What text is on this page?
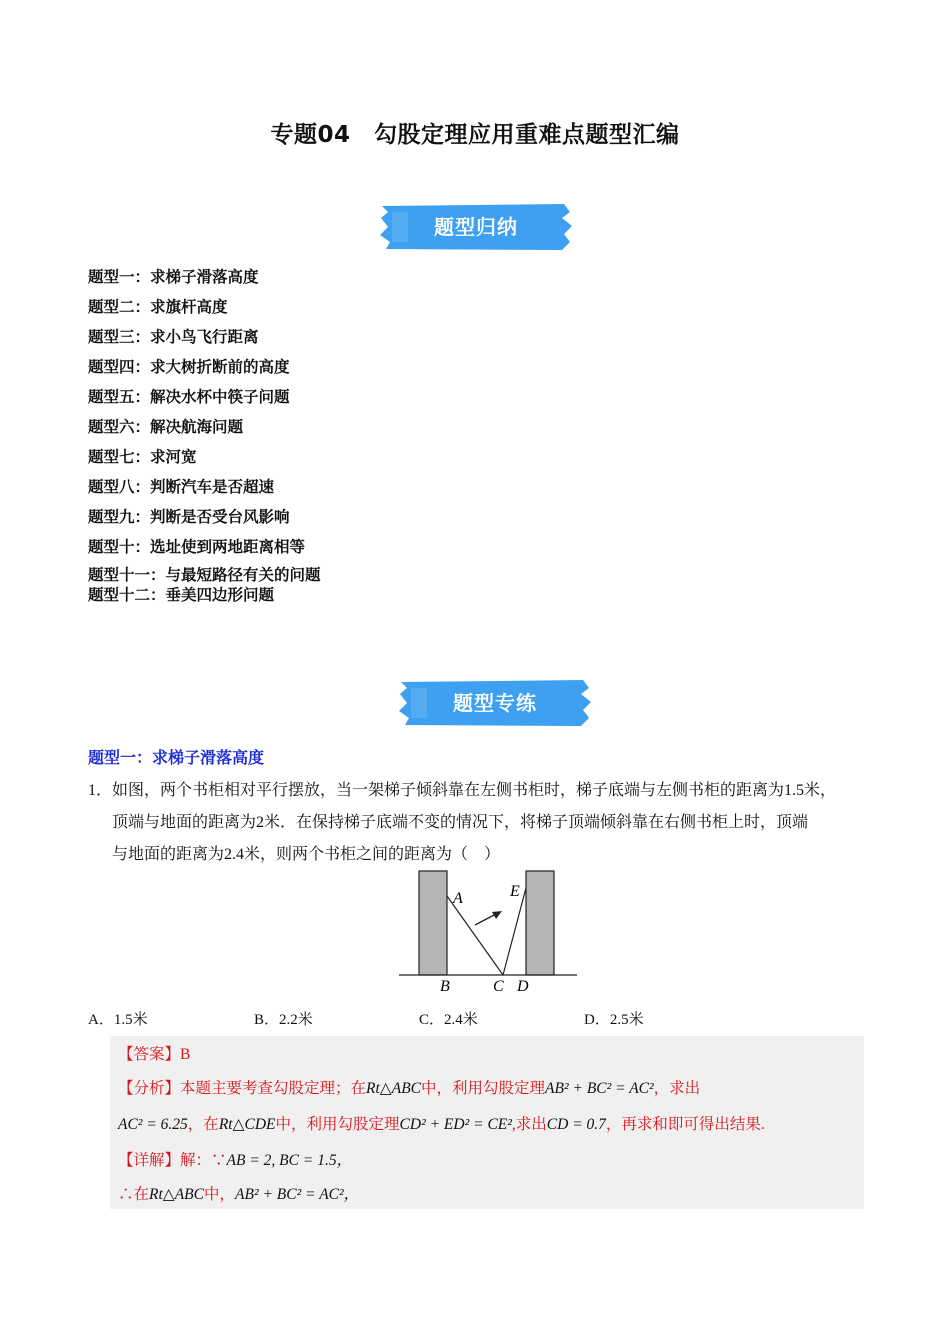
专题04　勾股定理应用重难点题型汇编
题型归纳
题型一：求梯子滑落高度
题型二：求旗杆高度
题型三：求小鸟飞行距离
题型四：求大树折断前的高度
题型五：解决水杯中筷子问题
题型六：解决航海问题
题型七：求河宽
题型八：判断汽车是否超速
题型九：判断是否受台风影响
题型十：选址使到两地距离相等
题型十一：与最短路径有关的问题
题型十二：垂美四边形问题
题型专练
题型一：求梯子滑落高度
1． 如图，两个书柜相对平行摆放，当一架梯子倾斜靠在左侧书柜时，梯子底端与左侧书柜的距离为1.5米，
顶端与地面的距离为2米．在保持梯子底端不变的情况下，将梯子顶端倾斜靠在右侧书柜上时，顶端
与地面的距离为2.4米，则两个书柜之间的距离为（　）
A	E
B	C D
A．1.5米	B．2.2米	C．2.4米	D．2.5米
【答案】B
【分析】本题主要考查勾股定理；在Rt△ABC中，利用勾股定理AB² + BC² = AC²，求出
AC² = 6.25，在Rt△CDE中，利用勾股定理CD² + ED² = CE²,求出CD = 0.7，再求和即可得出结果.
【详解】解：∵AB = 2, BC = 1.5，
∴在Rt△ABC中，AB² + BC² = AC²，
